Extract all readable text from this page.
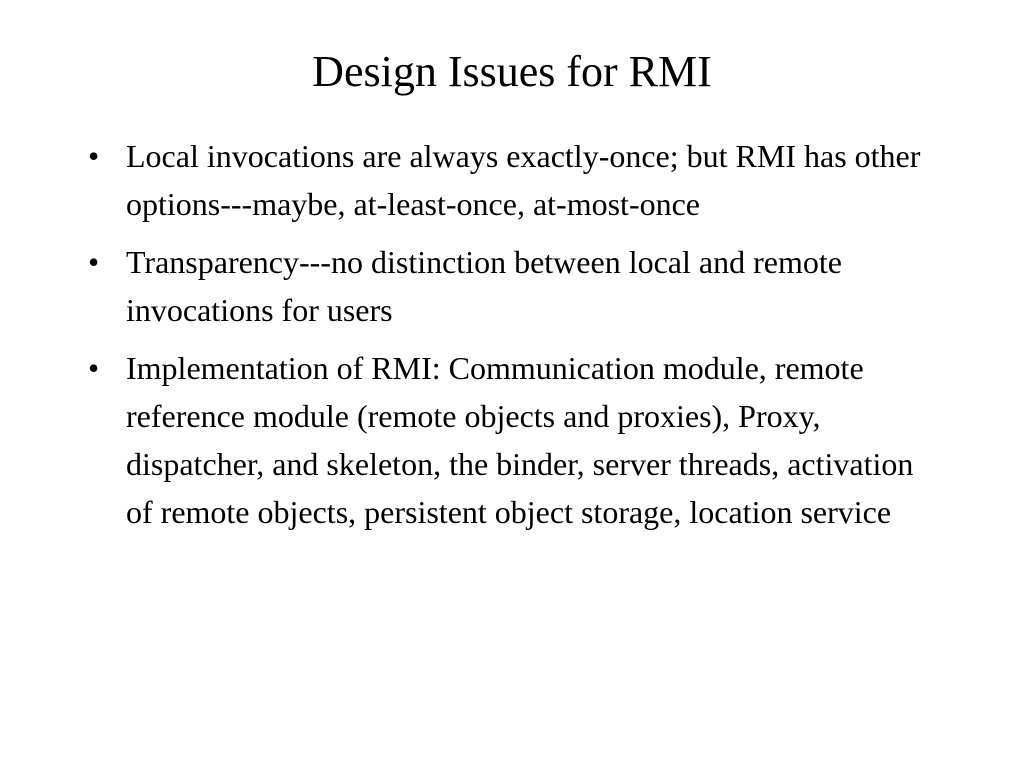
Design Issues for RMI
• Local invocations are always exactly-once; but RMI has other options---maybe, at-least-once, at-most-once
• Transparency---no distinction between local and remote invocations for users
• Implementation of RMI: Communication module, remote reference module (remote objects and proxies), Proxy, dispatcher, and skeleton, the binder, server threads, activation of remote objects, persistent object storage, location service
